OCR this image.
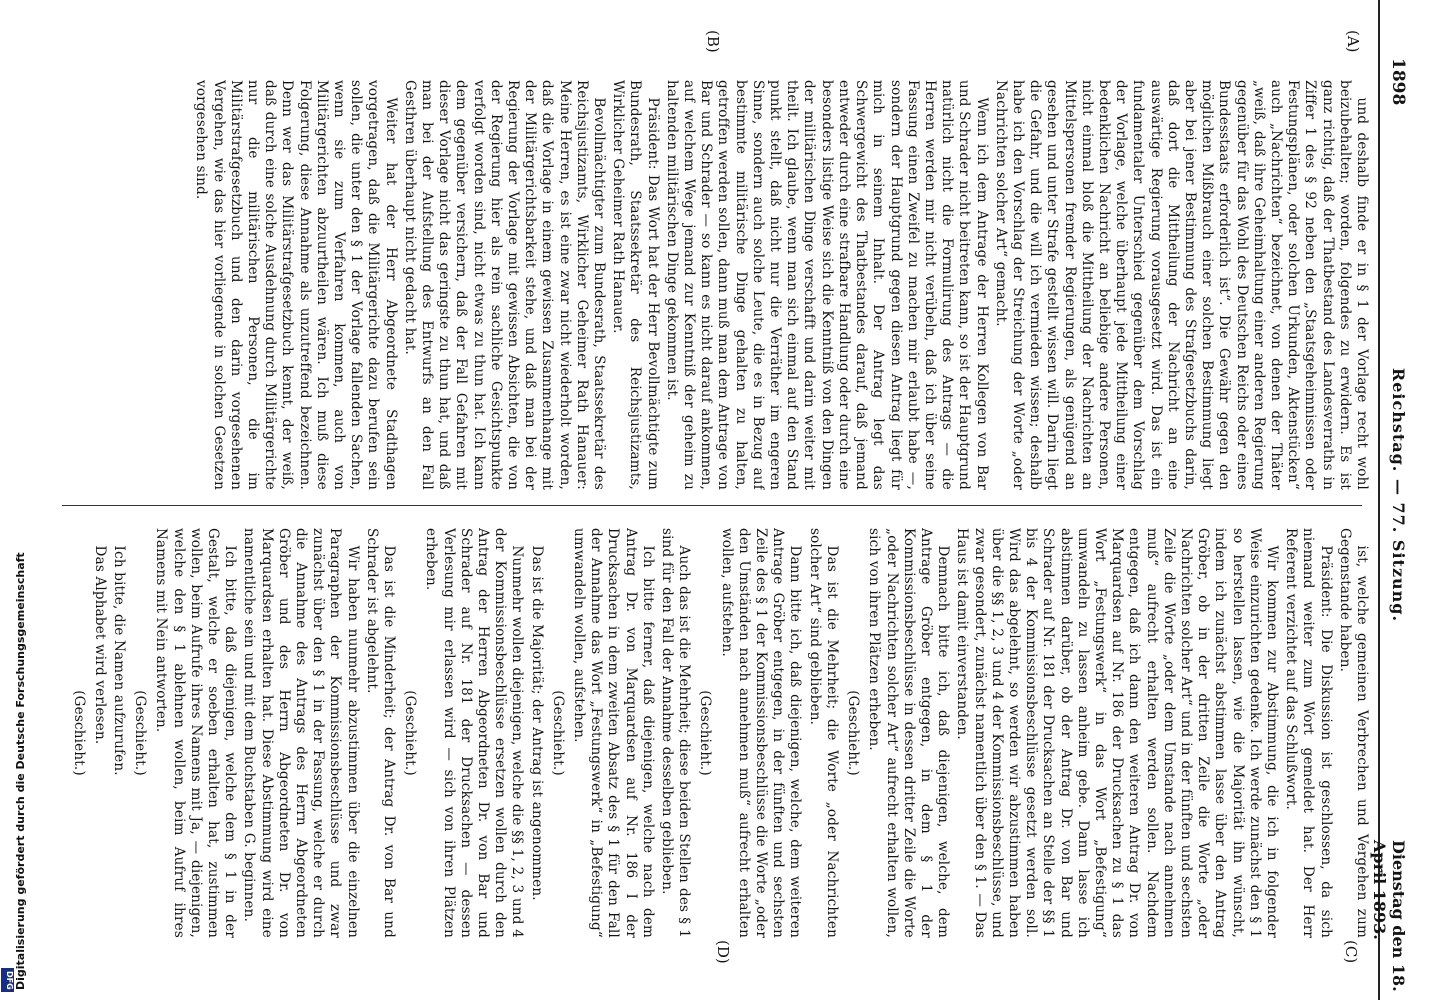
1898
Reichstag. — 77. Sitzung.
Dienstag den 18. April 1893.
(A)
(B)
(C)
(D)

und deshalb finde er in § 1 der Vorlage recht wohl beizubehalten; worden, folgendes zu erwidern. Es ist ganz richtig, daß der Thatbestand des Landesverraths in Ziffer 1 des § 92 neben den „Staatsgeheimnissen oder Festungsplänen, oder solchen Urkunden, Aktenstücken“ auch „Nachrichten“ bezeichnet, von denen der Thäter „weiß, daß ihre Geheimhaltung einer anderen Regierung gegenüber für das Wohl des Deutschen Reichs oder eines Bundesstaats erforderlich ist“. Die Gewähr gegen den möglichen Mißbrauch einer solchen Bestimmung liegt aber bei jener Bestimmung des Strafgesetzbuchs darin, daß dort die Mittheilung der Nachricht an eine auswärtige Regierung vorausgesetzt wird. Das ist ein fundamentaler Unterschied gegenüber dem Vorschlag der Vorlage, welche überhaupt jede Mittheilung einer bedenklichen Nachricht an beliebige andere Personen, nicht einmal bloß die Mittheilung der Nachrichten an Mittelspersonen fremder Regierungen, als genügend an gesehen und unter Strafe gestellt wissen will. Darin liegt die Gefahr, und die will ich vermieden wissen; deshalb habe ich den Vorschlag der Streichung der Worte „oder Nachrichten solcher Art“ gemacht.

Wenn ich dem Antrage der Herren Kollegen von Bar und Schrader nicht beitreten kann, so ist der Hauptgrund natürlich nicht die Formulirung des Antrags — die Herren werden mir nicht verübeln, daß ich über seine Fassung einen Zweifel zu machen mir erlaubt habe —, sondern der Hauptgrund gegen diesen Antrag liegt für mich in seinem Inhalt. Der Antrag legt das Schwergewicht des Thatbestandes darauf, daß jemand entweder durch eine strafbare Handlung oder durch eine besonders listige Weise sich die Kenntniß von den Dingen der militärischen Dinge verschafft und darin weiter mit theilt. Ich glaube, wenn man sich einmal auf den Stand punkt stellt, daß nicht nur die Verräther im engeren Sinne, sondern auch solche Leute, die es in Bezug auf bestimmte militärische Dinge gehalten zu halten, getroffen werden sollen, dann muß man dem Antrage von Bar und Schrader — so kann es nicht darauf ankommen, auf welchem Wege jemand zur Kenntniß der geheim zu haltenden militärischen Dinge gekommen ist.

Präsident: Das Wort hat der Herr Bevollmächtigte zum Bundesrath, Staatssekretär des Reichsjustizamts, Wirklicher Geheimer Rath Hanauer.

Bevollmächtigter zum Bundesrath, Staatssekretär des Reichsjustizamts, Wirklicher Geheimer Rath Hanauer: Meine Herren, es ist eine zwar nicht wiederholt worden, daß die Vorlage in einem gewissen Zusammenhange mit der Militärgerichtsbarkeit stehe, und daß man bei der Regierung der Vorlage mit gewissen Absichten, die von der Regierung hier als rein sachliche Gesichtspunkte verfolgt worden sind, nicht etwas zu thun hat. Ich kann dem gegenüber versichern, daß der Fall Gefahren mit dieser Vorlage nicht das geringste zu thun hat, und daß man bei der Aufstellung des Entwurfs an den Fall Gesthren überhaupt nicht gedacht hat.

Weiter hat der Herr Abgeordnete Stadthagen vorgetragen, daß die Militärgerichte dazu berufen sein sollen, die unter den § 1 der Vorlage fallenden Sachen, wenn sie zum Verfahren kommen, auch von Militärgerichten abzuurtheilen wären. Ich muß diese Folgerung, diese Annahme als unzutreffend bezeichnen. Denn wer das Militärstrafgesetzbuch kennt, der weiß, daß durch eine solche Ausdehnung durch Militärgerichte nur die militärischen Personen, die im Militärstrafgesetzbuch und den darin vorgesehenen Vergehen, wie das hier vorliegende in solchen Gesetzen vorgesehen sind.

ist, welche gemeinen Verbrechen und Vergehen zum Gegenstande haben.

Präsident: Die Diskussion ist geschlossen, da sich niemand weiter zum Wort gemeldet hat. Der Herr Referent verzichtet auf das Schlußwort.

Wir kommen zur Abstimmung, die ich in folgender Weise einzurichten gedenke. Ich werde zunächst den § 1 so herstellen lassen, wie die Majorität ihn wünscht, indem ich zunächst abstimmen lasse über den Antrag Gröber, ob in der dritten Zeile die Worte „oder Nachrichten solcher Art“ und in der fünften und sechsten Zeile die Worte „oder dem Umstande nach annehmen muß“ aufrecht erhalten werden sollen. Nachdem entgegen, daß ich dann den weiteren Antrag Dr. von Marquardsen auf Nr. 186 der Drucksachen zu § 1 das Wort „Festungswerk“ in das Wort „Befestigung“ umwandeln zu lassen anheim gebe. Dann lasse ich abstimmen darüber, ob der Antrag Dr. von Bar und Schrader auf Nr. 181 der Drucksachen an Stelle der §§ 1 bis 4 der Kommissionsbeschlüsse gesetzt werden soll. Wird das abgelehnt, so werden wir abzustimmen haben über die §§ 1, 2, 3 und 4 der Kommissionsbeschlüsse, und zwar gesondert, zunächst namentlich über den § 1. — Das Haus ist damit einverstanden.

Demnach bitte ich, daß diejenigen, welche, dem Antrage Gröber entgegen, in dem § 1 der Kommissionsbeschlüsse in dessen dritter Zeile die Worte „oder Nachrichten solcher Art“ aufrecht erhalten wollen, sich von ihren Plätzen erheben.

(Geschieht.)

Das ist die Mehrheit; die Worte „oder Nachrichten solcher Art“ sind geblieben.

Dann bitte ich, daß diejenigen, welche, dem weiteren Antrage Gröber entgegen, in der fünften und sechsten Zeile des § 1 der Kommissionsbeschlüsse die Worte „oder den Umständen nach annehmen muß“ aufrecht erhalten wollen, aufstehen.

(Geschieht.)

Auch das ist die Mehrheit; diese beiden Stellen des § 1 sind für den Fall der Annahme desselben geblieben.

Ich bitte ferner, daß diejenigen, welche nach dem Antrag Dr. von Marquardsen auf Nr. 186 I der Drucksachen in dem zweiten Absatz des § 1 für den Fall der Annahme das Wort „Festungswerk“ in „Befestigung“ umwandeln wollen, aufstehen.

(Geschieht.)

Das ist die Majorität; der Antrag ist angenommen.

Nunmehr wollen diejenigen, welche die §§ 1, 2, 3 und 4 der Kommissionsbeschlüsse ersetzen wollen durch den Antrag der Herren Abgeordneten Dr. von Bar und Schrader auf Nr. 181 der Drucksachen — dessen Verlesung mir erlassen wird — sich von ihren Plätzen erheben.

(Geschieht.)

Das ist die Minderheit; der Antrag Dr. von Bar und Schrader ist abgelehnt.

Wir haben nunmehr abzustimmen über die einzelnen Paragraphen der Kommissionsbeschlüsse und zwar zunächst über den § 1 in der Fassung, welche er durch die Annahme des Antrags des Herrn Abgeordneten Gröber und des Herrn Abgeordneten Dr. von Marquardsen erhalten hat. Diese Abstimmung wird eine namentliche sein und mit dem Buchstaben G. beginnen.

Ich bitte, daß diejenigen, welche dem § 1 in der Gestalt, welche er soeben erhalten hat, zustimmen wollen, beim Aufrufe ihres Namens mit Ja, — diejenigen, welche den § 1 ablehnen wollen, beim Aufruf ihres Namens mit Nein antworten.

(Geschieht.)

Ich bitte, die Namen aufzurufen.

Das Alphabet wird verlesen.

(Geschieht.)

Digitalisierung gefördert durch die Deutsche Forschungsgemeinschaft
DFG
